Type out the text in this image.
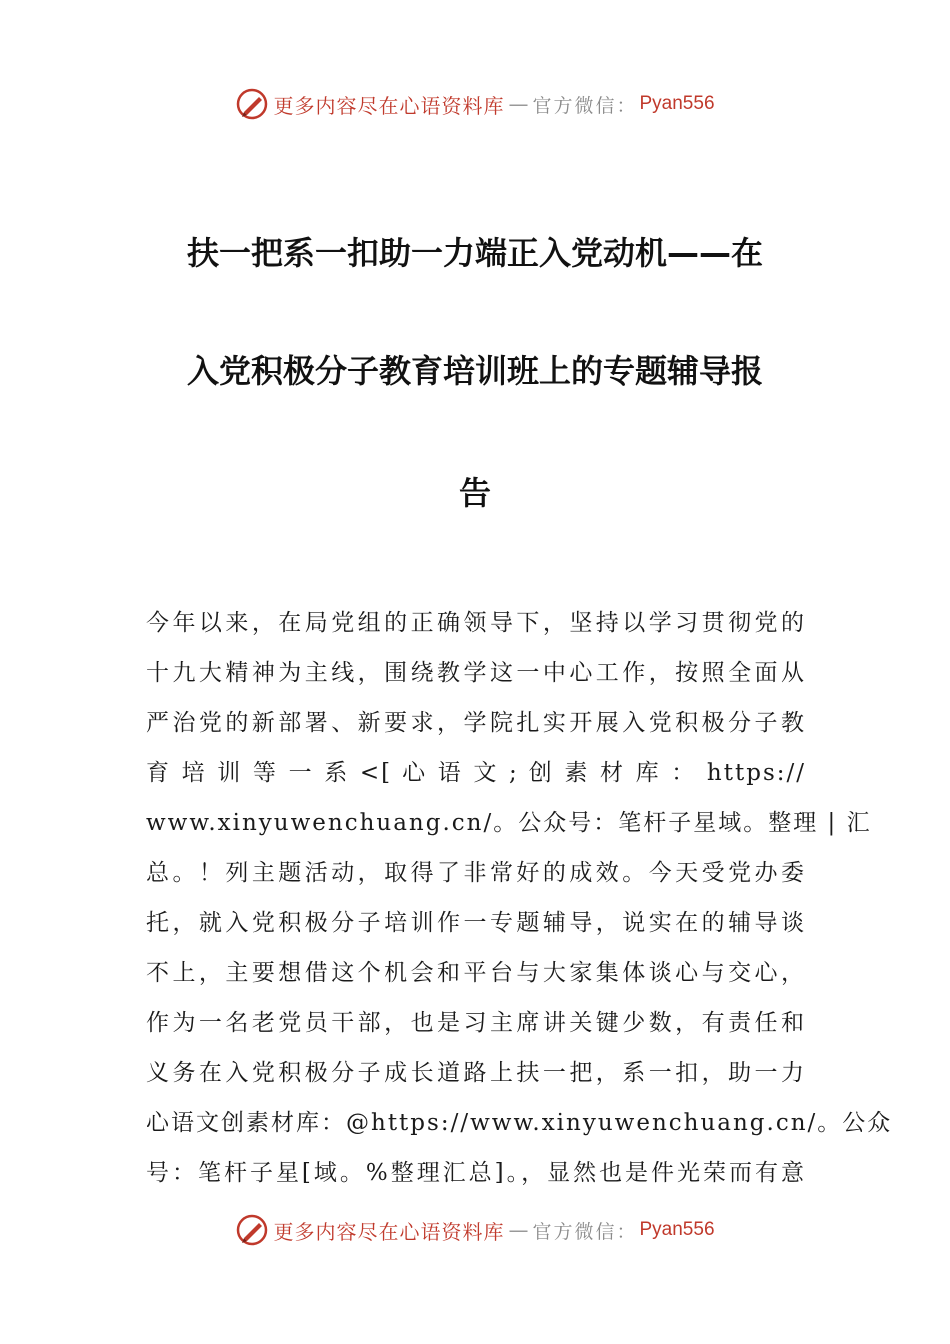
更多内容尽在心语资料库 — 官方微信： Pyan556
扶一把系一扣助一力端正入党动机——在
入党积极分子教育培训班上的专题辅导报
告
今年以来，在局党组的正确领导下，坚持以学习贯彻党的
十九大精神为主线，围绕教学这一中心工作，按照全面从
严治党的新部署、新要求，学院扎实开展入党积极分子教
育 培 训 等 一 系 <[ 心 语 文 ; 创 素 材 库 ： https://
www.xinyuwenchuang.cn/。公众号：笔杆子星域。整理 | 汇
总。！列主题活动，取得了非常好的成效。今天受党办委
托，就入党积极分子培训作一专题辅导，说实在的辅导谈
不上，主要想借这个机会和平台与大家集体谈心与交心，
作为一名老党员干部，也是习主席讲关键少数，有责任和
义务在入党积极分子成长道路上扶一把，系一扣，助一力
心语文创素材库：@https://www.xinyuwenchuang.cn/。公众
号：笔杆子星[域。%整理汇总]。，显然也是件光荣而有意
更多内容尽在心语资料库 — 官方微信： Pyan556
